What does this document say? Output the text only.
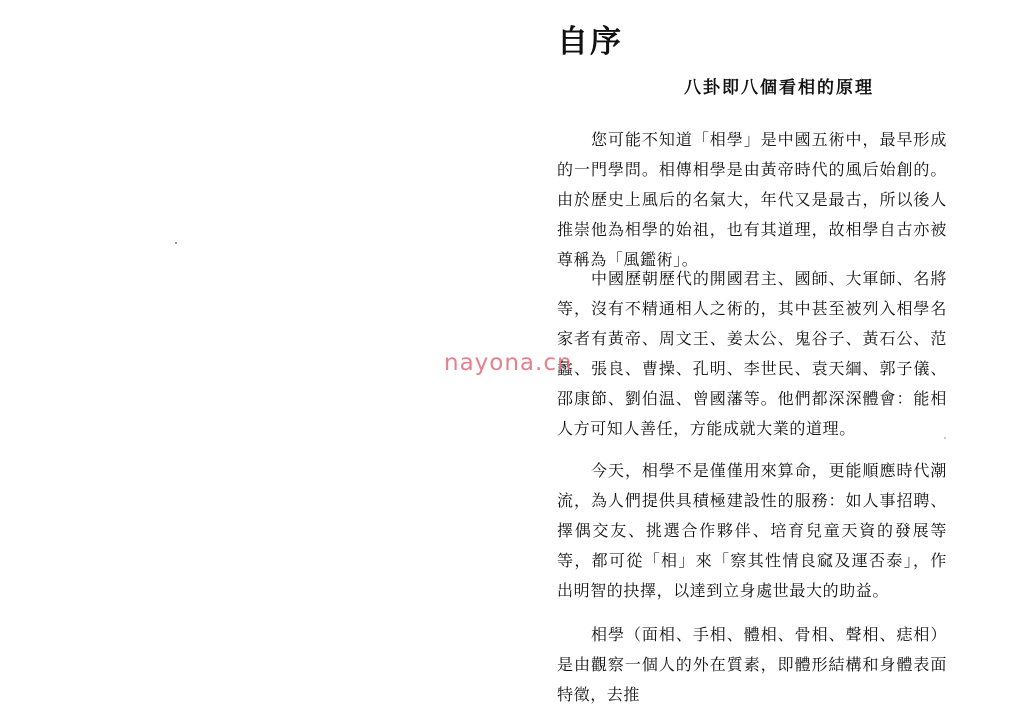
自序
八卦即八個看相的原理

您可能不知道「相學」是中國五術中，最早形成的一門學問。相傳相學是由黃帝時代的風后始創的。由於歷史上風后的名氣大，年代又是最古，所以後人推崇他為相學的始祖，也有其道理，故相學自古亦被尊稱為「風鑑術」。

中國歷朝歷代的開國君主、國師、大軍師、名將等，沒有不精通相人之術的，其中甚至被列入相學名家者有黃帝、周文王、姜太公、鬼谷子、黃石公、范蠡、張良、曹操、孔明、李世民、袁天綱、郭子儀、邵康節、劉伯温、曾國藩等。他們都深深體會：能相人方可知人善任，方能成就大業的道理。

今天，相學不是僅僅用來算命，更能順應時代潮流，為人們提供具積極建設性的服務：如人事招聘、擇偶交友、挑選合作夥伴、培育兒童天資的發展等等，都可從「相」來「察其性情良窳及運否泰」，作出明智的抉擇，以達到立身處世最大的助益。

相學（面相、手相、體相、骨相、聲相、痣相）是由觀察一個人的外在質素，即體形結構和身體表面特徵，去推

nayona.cn
